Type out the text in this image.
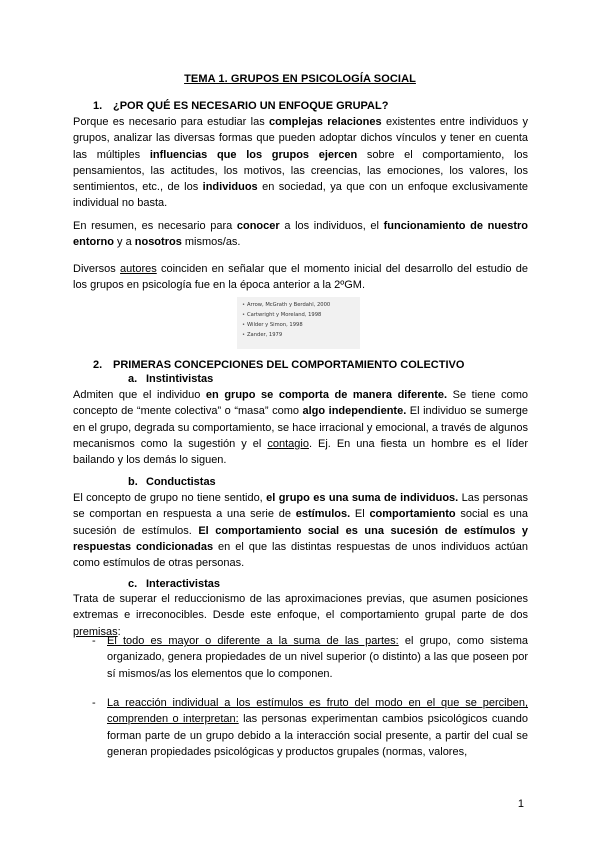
TEMA 1. GRUPOS EN PSICOLOGÍA SOCIAL
1. ¿POR QUÉ ES NECESARIO UN ENFOQUE GRUPAL?
Porque es necesario para estudiar las complejas relaciones existentes entre individuos y grupos, analizar las diversas formas que pueden adoptar dichos vínculos y tener en cuenta las múltiples influencias que los grupos ejercen sobre el comportamiento, los pensamientos, las actitudes, los motivos, las creencias, las emociones, los valores, los sentimientos, etc., de los individuos en sociedad, ya que con un enfoque exclusivamente individual no basta.
En resumen, es necesario para conocer a los individuos, el funcionamiento de nuestro entorno y a nosotros mismos/as.
Diversos autores coinciden en señalar que el momento inicial del desarrollo del estudio de los grupos en psicología fue en la época anterior a la 2ºGM.
• Arrow, McGrath y Berdahl, 2000
• Cartwright y Moreland, 1998
• Wilder y Simon, 1998
• Zander, 1979
2. PRIMERAS CONCEPCIONES DEL COMPORTAMIENTO COLECTIVO
a. Instintivistas
Admiten que el individuo en grupo se comporta de manera diferente. Se tiene como concepto de “mente colectiva” o “masa” como algo independiente. El individuo se sumerge en el grupo, degrada su comportamiento, se hace irracional y emocional, a través de algunos mecanismos como la sugestión y el contagio. Ej. En una fiesta un hombre es el líder bailando y los demás lo siguen.
b. Conductistas
El concepto de grupo no tiene sentido, el grupo es una suma de individuos. Las personas se comportan en respuesta a una serie de estímulos. El comportamiento social es una sucesión de estímulos. El comportamiento social es una sucesión de estímulos y respuestas condicionadas en el que las distintas respuestas de unos individuos actúan como estímulos de otras personas.
c. Interactivistas
Trata de superar el reduccionismo de las aproximaciones previas, que asumen posiciones extremas e irreconocibles. Desde este enfoque, el comportamiento grupal parte de dos premisas:
- El todo es mayor o diferente a la suma de las partes: el grupo, como sistema organizado, genera propiedades de un nivel superior (o distinto) a las que poseen por sí mismos/as los elementos que lo componen.
- La reacción individual a los estímulos es fruto del modo en el que se perciben, comprenden o interpretan: las personas experimentan cambios psicológicos cuando forman parte de un grupo debido a la interacción social presente, a partir del cual se generan propiedades psicológicas y productos grupales (normas, valores,
1
